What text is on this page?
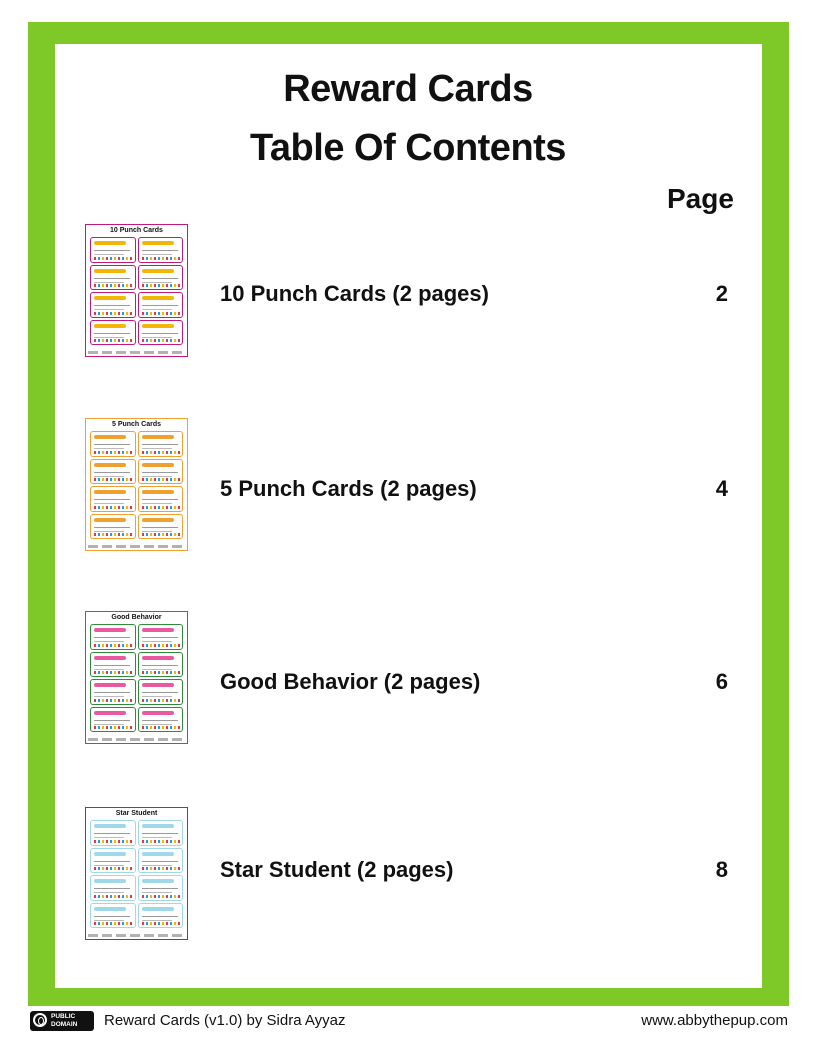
Reward Cards
Table Of Contents
Page
10 Punch Cards
10 Punch Cards (2 pages)	2
5 Punch Cards
5 Punch Cards (2 pages)	4
Good Behavior
Good Behavior (2 pages)	6
Star Student
Star Student (2 pages)	8
PUBLIC
DOMAIN	Reward Cards (v1.0) by Sidra Ayyaz	www.abbythepup.com
